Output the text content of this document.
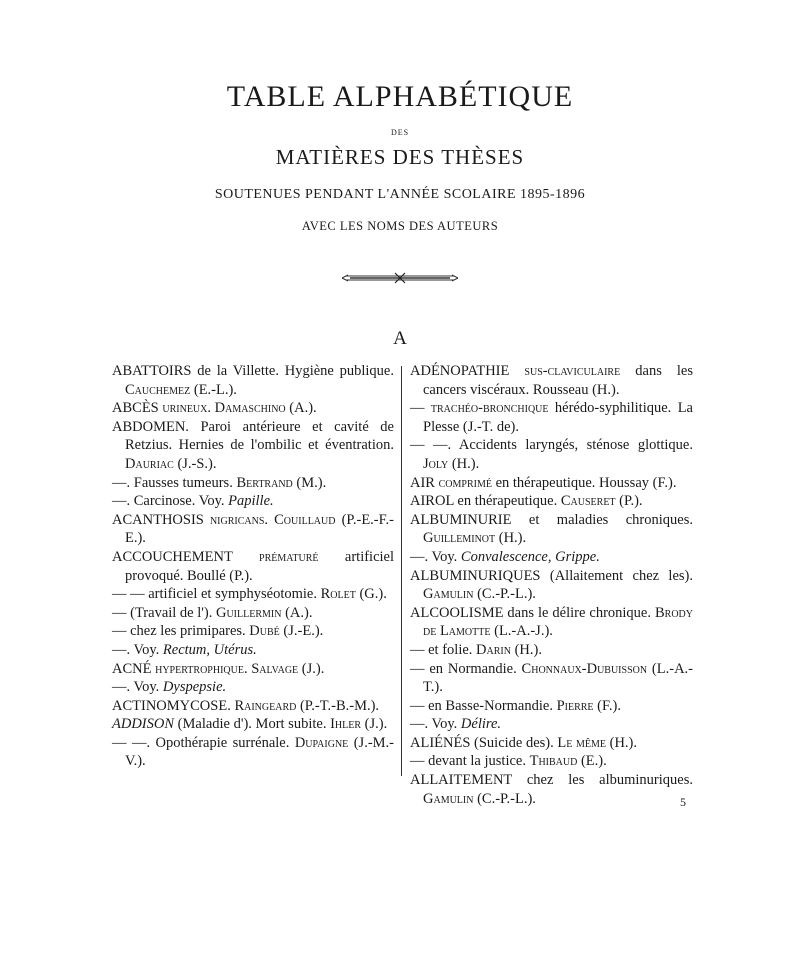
TABLE ALPHABÉTIQUE
DES
MATIÈRES DES THÈSES
SOUTENUES PENDANT L'ANNÉE SCOLAIRE 1895-1896
AVEC LES NOMS DES AUTEURS
A

ABATTOIRS de la Villette. Hygiène publique. Cauchemez (E.-L.).

ABCÈS urineux. Damaschino (A.).

ABDOMEN. Paroi antérieure et cavité de Retzius. Hernies de l'ombilic et éventration. Dauriac (J.-S.).

—. Fausses tumeurs. Bertrand (M.).

—. Carcinose. Voy. Papille.

ACANTHOSIS nigricans. Couillaud (P.-E.-F.-E.).

ACCOUCHEMENT prématuré artificiel provoqué. Boullé (P.).

— — artificiel et symphyséotomie. Rolet (G.).

— (Travail de l'). Guillermin (A.).

— chez les primipares. Dubé (J.-E.).

—. Voy. Rectum, Utérus.

ACNÉ hypertrophique. Salvage (J.).

—. Voy. Dyspepsie.

ACTINOMYCOSE. Raingeard (P.-T.-B.-M.).

ADDISON (Maladie d'). Mort subite. Ihler (J.).

— —. Opothérapie surrénale. Dupaigne (J.-M.-V.).

ADÉNOPATHIE sus-claviculaire dans les cancers viscéraux. Rousseau (H.).

— trachéo-bronchique hérédo-syphilitique. La Plesse (J.-T. de).

— —. Accidents laryngés, sténose glottique. Joly (H.).

AIR comprimé en thérapeutique. Houssay (F.).

AIROL en thérapeutique. Causeret (P.).

ALBUMINURIE et maladies chroniques. Guilleminot (H.).

—. Voy. Convalescence, Grippe.

ALBUMINURIQUES (Allaitement chez les). Gamulin (C.-P.-L.).

ALCOOLISME dans le délire chronique. Brody de Lamotte (L.-A.-J.).

— et folie. Darin (H.).

— en Normandie. Chonnaux-Dubuisson (L.-A.-T.).

— en Basse-Normandie. Pierre (F.).

—. Voy. Délire.

ALIÉNÉS (Suicide des). Le même (H.).

— devant la justice. Thibaud (E.).

ALLAITEMENT chez les albuminuriques. Gamulin (C.-P.-L.).	5
